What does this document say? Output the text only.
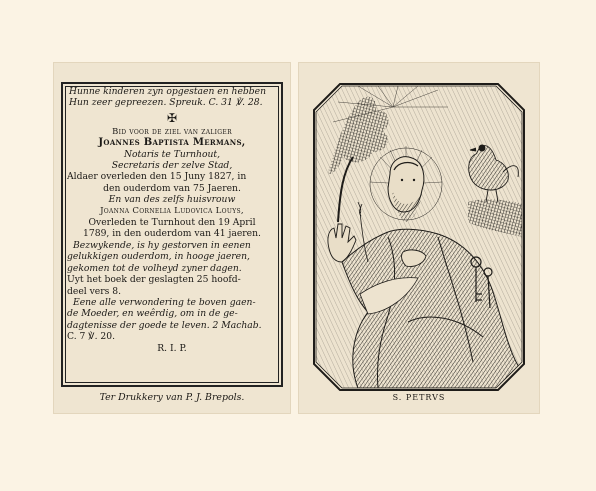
Hunne kinderen zyn opgestaen en hebben
Hun zeer gepreezen. Spreuk. C. 31 ℣. 28.
✠
Bid voor de ziel van zaliger
Joannes Baptista Mermans,
Notaris te Turnhout,
Secretaris der zelve Stad,
Aldaer overleden den 15 Juny 1827, in
den ouderdom van 75 Jaeren.
En van des zelfs huisvrouw
Joanna Cornelia Ludovica Louys,
Overleden te Turnhout den 19 April
1789, in den ouderdom van 41 jaeren.
Bezwykende, is hy gestorven in eenen
gelukkigen ouderdom, in hooge jaeren,
gekomen tot de volheyd zyner dagen.
Uyt het boek der geslagten 25 hoofd-
deel vers 8.
Eene alle verwondering te boven gaen-
de Moeder, en weêrdig, om in de ge-
dagtenisse der goede te leven. 2 Machab.
C. 7 ℣. 20.
R. I. P.
Ter Drukkery van P. J. Brepols.	S. PETRVS
